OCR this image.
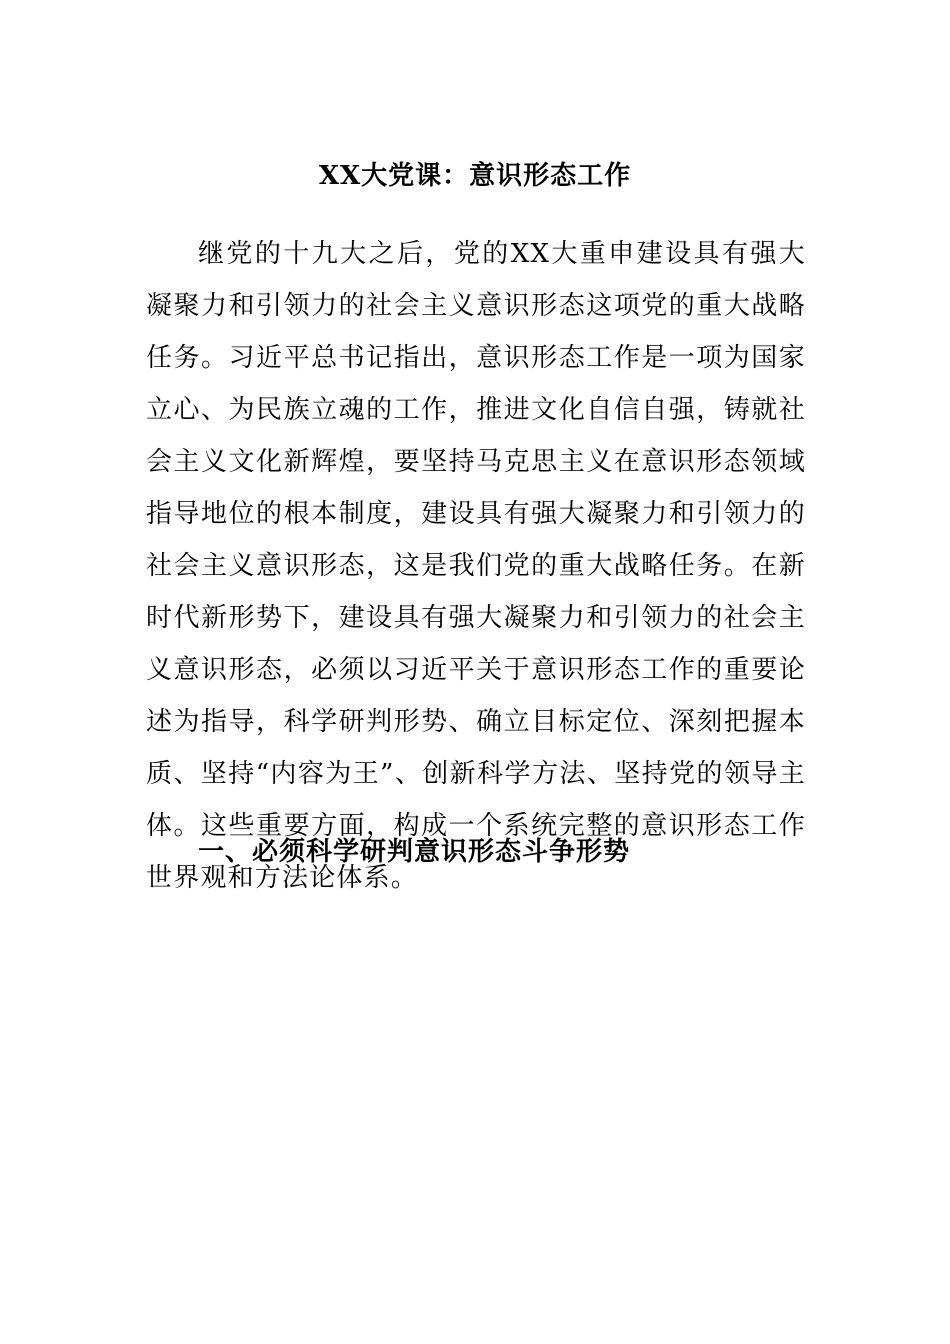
XX大党课：意识形态工作

继党的十九大之后，党的XX大重申建设具有强大凝聚力和引领力的社会主义意识形态这项党的重大战略任务。习近平总书记指出，意识形态工作是一项为国家立心、为民族立魂的工作，推进文化自信自强，铸就社会主义文化新辉煌，要坚持马克思主义在意识形态领域指导地位的根本制度，建设具有强大凝聚力和引领力的社会主义意识形态，这是我们党的重大战略任务。在新时代新形势下，建设具有强大凝聚力和引领力的社会主义意识形态，必须以习近平关于意识形态工作的重要论述为指导，科学研判形势、确立目标定位、深刻把握本质、坚持“内容为王”、创新科学方法、坚持党的领导主体。这些重要方面，构成一个系统完整的意识形态工作世界观和方法论体系。

一、必须科学研判意识形态斗争形势
